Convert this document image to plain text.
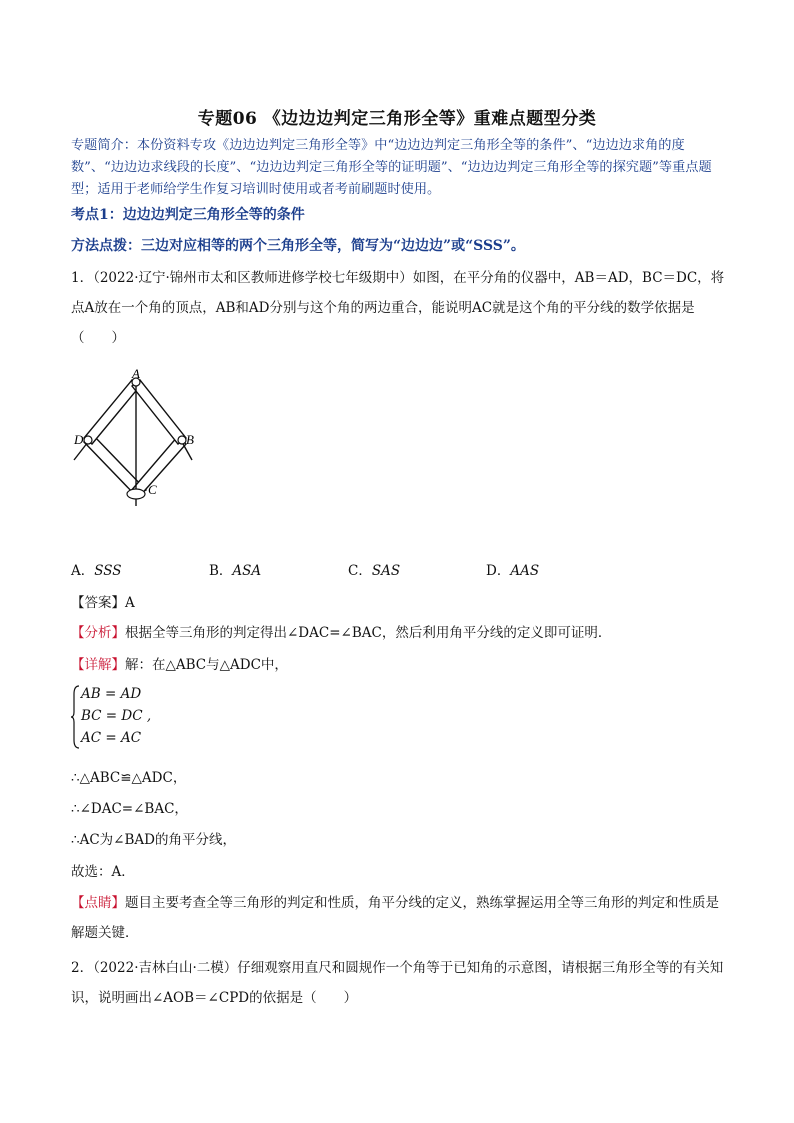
专题06 《边边边判定三角形全等》重难点题型分类
专题简介：本份资料专攻《边边边判定三角形全等》中“边边边判定三角形全等的条件”、“边边边求角的度数”、“边边边求线段的长度”、“边边边判定三角形全等的证明题”、“边边边判定三角形全等的探究题”等重点题型；适用于老师给学生作复习培训时使用或者考前刷题时使用。
考点1：边边边判定三角形全等的条件
方法点拨：三边对应相等的两个三角形全等，简写为“边边边”或“SSS”。
1．（2022·辽宁·锦州市太和区教师进修学校七年级期中）如图，在平分角的仪器中，AB＝AD，BC＝DC，将点A放在一个角的顶点，AB和AD分别与这个角的两边重合，能说明AC就是这个角的平分线的数学依据是（　　）
A
D	B
C
A．SSS	B．ASA	C．SAS	D．AAS
【答案】A
【分析】根据全等三角形的判定得出∠DAC=∠BAC，然后利用角平分线的定义即可证明．
【详解】解：在△ABC与△ADC中，
AB = AD
BC = DC ,
AC = AC
∴△ABC≌△ADC，
∴∠DAC=∠BAC，
∴AC为∠BAD的角平分线，
故选：A．
【点睛】题目主要考查全等三角形的判定和性质，角平分线的定义，熟练掌握运用全等三角形的判定和性质是解题关键．
2．（2022·吉林白山·二模）仔细观察用直尺和圆规作一个角等于已知角的示意图，请根据三角形全等的有关知识，说明画出∠AOB＝∠CPD的依据是（　　）
